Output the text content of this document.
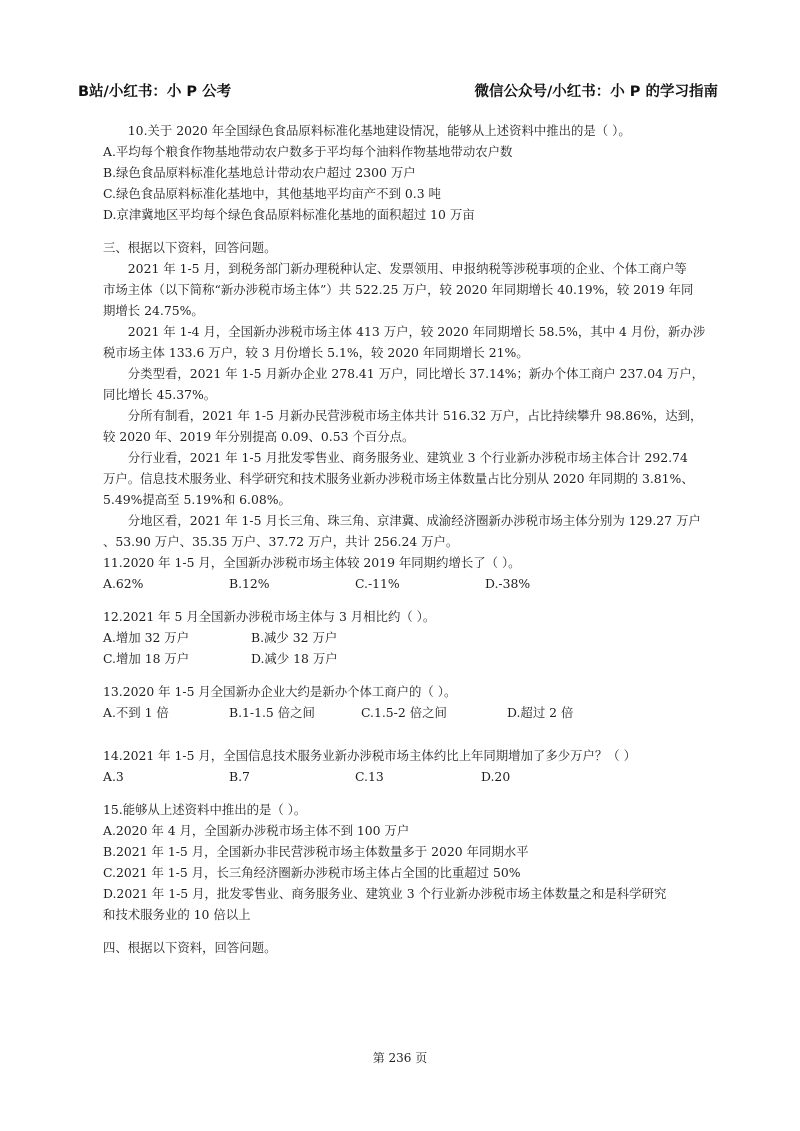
B站/小红书：小 P 公考	微信公众号/小红书：小 P 的学习指南
10.关于 2020 年全国绿色食品原料标准化基地建设情况，能够从上述资料中推出的是（ ）。
A.平均每个粮食作物基地带动农户数多于平均每个油料作物基地带动农户数
B.绿色食品原料标准化基地总计带动农户超过 2300 万户
C.绿色食品原料标准化基地中，其他基地平均亩产不到 0.3 吨
D.京津冀地区平均每个绿色食品原料标准化基地的面积超过 10 万亩
三、根据以下资料，回答问题。
2021 年 1-5 月，到税务部门新办理税种认定、发票领用、申报纳税等涉税事项的企业、个体工商户等
市场主体（以下简称“新办涉税市场主体”）共 522.25 万户，较 2020 年同期增长 40.19%，较 2019 年同
期增长 24.75%。
2021 年 1-4 月，全国新办涉税市场主体 413 万户，较 2020 年同期增长 58.5%，其中 4 月份，新办涉
税市场主体 133.6 万户，较 3 月份增长 5.1%，较 2020 年同期增长 21%。
分类型看，2021 年 1-5 月新办企业 278.41 万户，同比增长 37.14%；新办个体工商户 237.04 万户，
同比增长 45.37%。
分所有制看，2021 年 1-5 月新办民营涉税市场主体共计 516.32 万户，占比持续攀升 98.86%，达到，
较 2020 年、2019 年分别提高 0.09、0.53 个百分点。
分行业看，2021 年 1-5 月批发零售业、商务服务业、建筑业 3 个行业新办涉税市场主体合计 292.74
万户。信息技术服务业、科学研究和技术服务业新办涉税市场主体数量占比分别从 2020 年同期的 3.81%、
5.49%提高至 5.19%和 6.08%。
分地区看，2021 年 1-5 月长三角、珠三角、京津冀、成渝经济圈新办涉税市场主体分别为 129.27 万户
、53.90 万户、35.35 万户、37.72 万户，共计 256.24 万户。
11.2020 年 1-5 月，全国新办涉税市场主体较 2019 年同期约增长了（ ）。
A.62%	B.12%	C.-11%	D.-38%
12.2021 年 5 月全国新办涉税市场主体与 3 月相比约（ ）。
A.增加 32 万户	B.减少 32 万户
C.增加 18 万户	D.减少 18 万户
13.2020 年 1-5 月全国新办企业大约是新办个体工商户的（ ）。
A.不到 1 倍	B.1-1.5 倍之间	C.1.5-2 倍之间	D.超过 2 倍
14.2021 年 1-5 月，全国信息技术服务业新办涉税市场主体约比上年同期增加了多少万户？（ ）
A.3	B.7	C.13	D.20
15.能够从上述资料中推出的是（ ）。
A.2020 年 4 月，全国新办涉税市场主体不到 100 万户
B.2021 年 1-5 月，全国新办非民营涉税市场主体数量多于 2020 年同期水平
C.2021 年 1-5 月，长三角经济圈新办涉税市场主体占全国的比重超过 50%
D.2021 年 1-5 月，批发零售业、商务服务业、建筑业 3 个行业新办涉税市场主体数量之和是科学研究
和技术服务业的 10 倍以上
四、根据以下资料，回答问题。
第 236 页
